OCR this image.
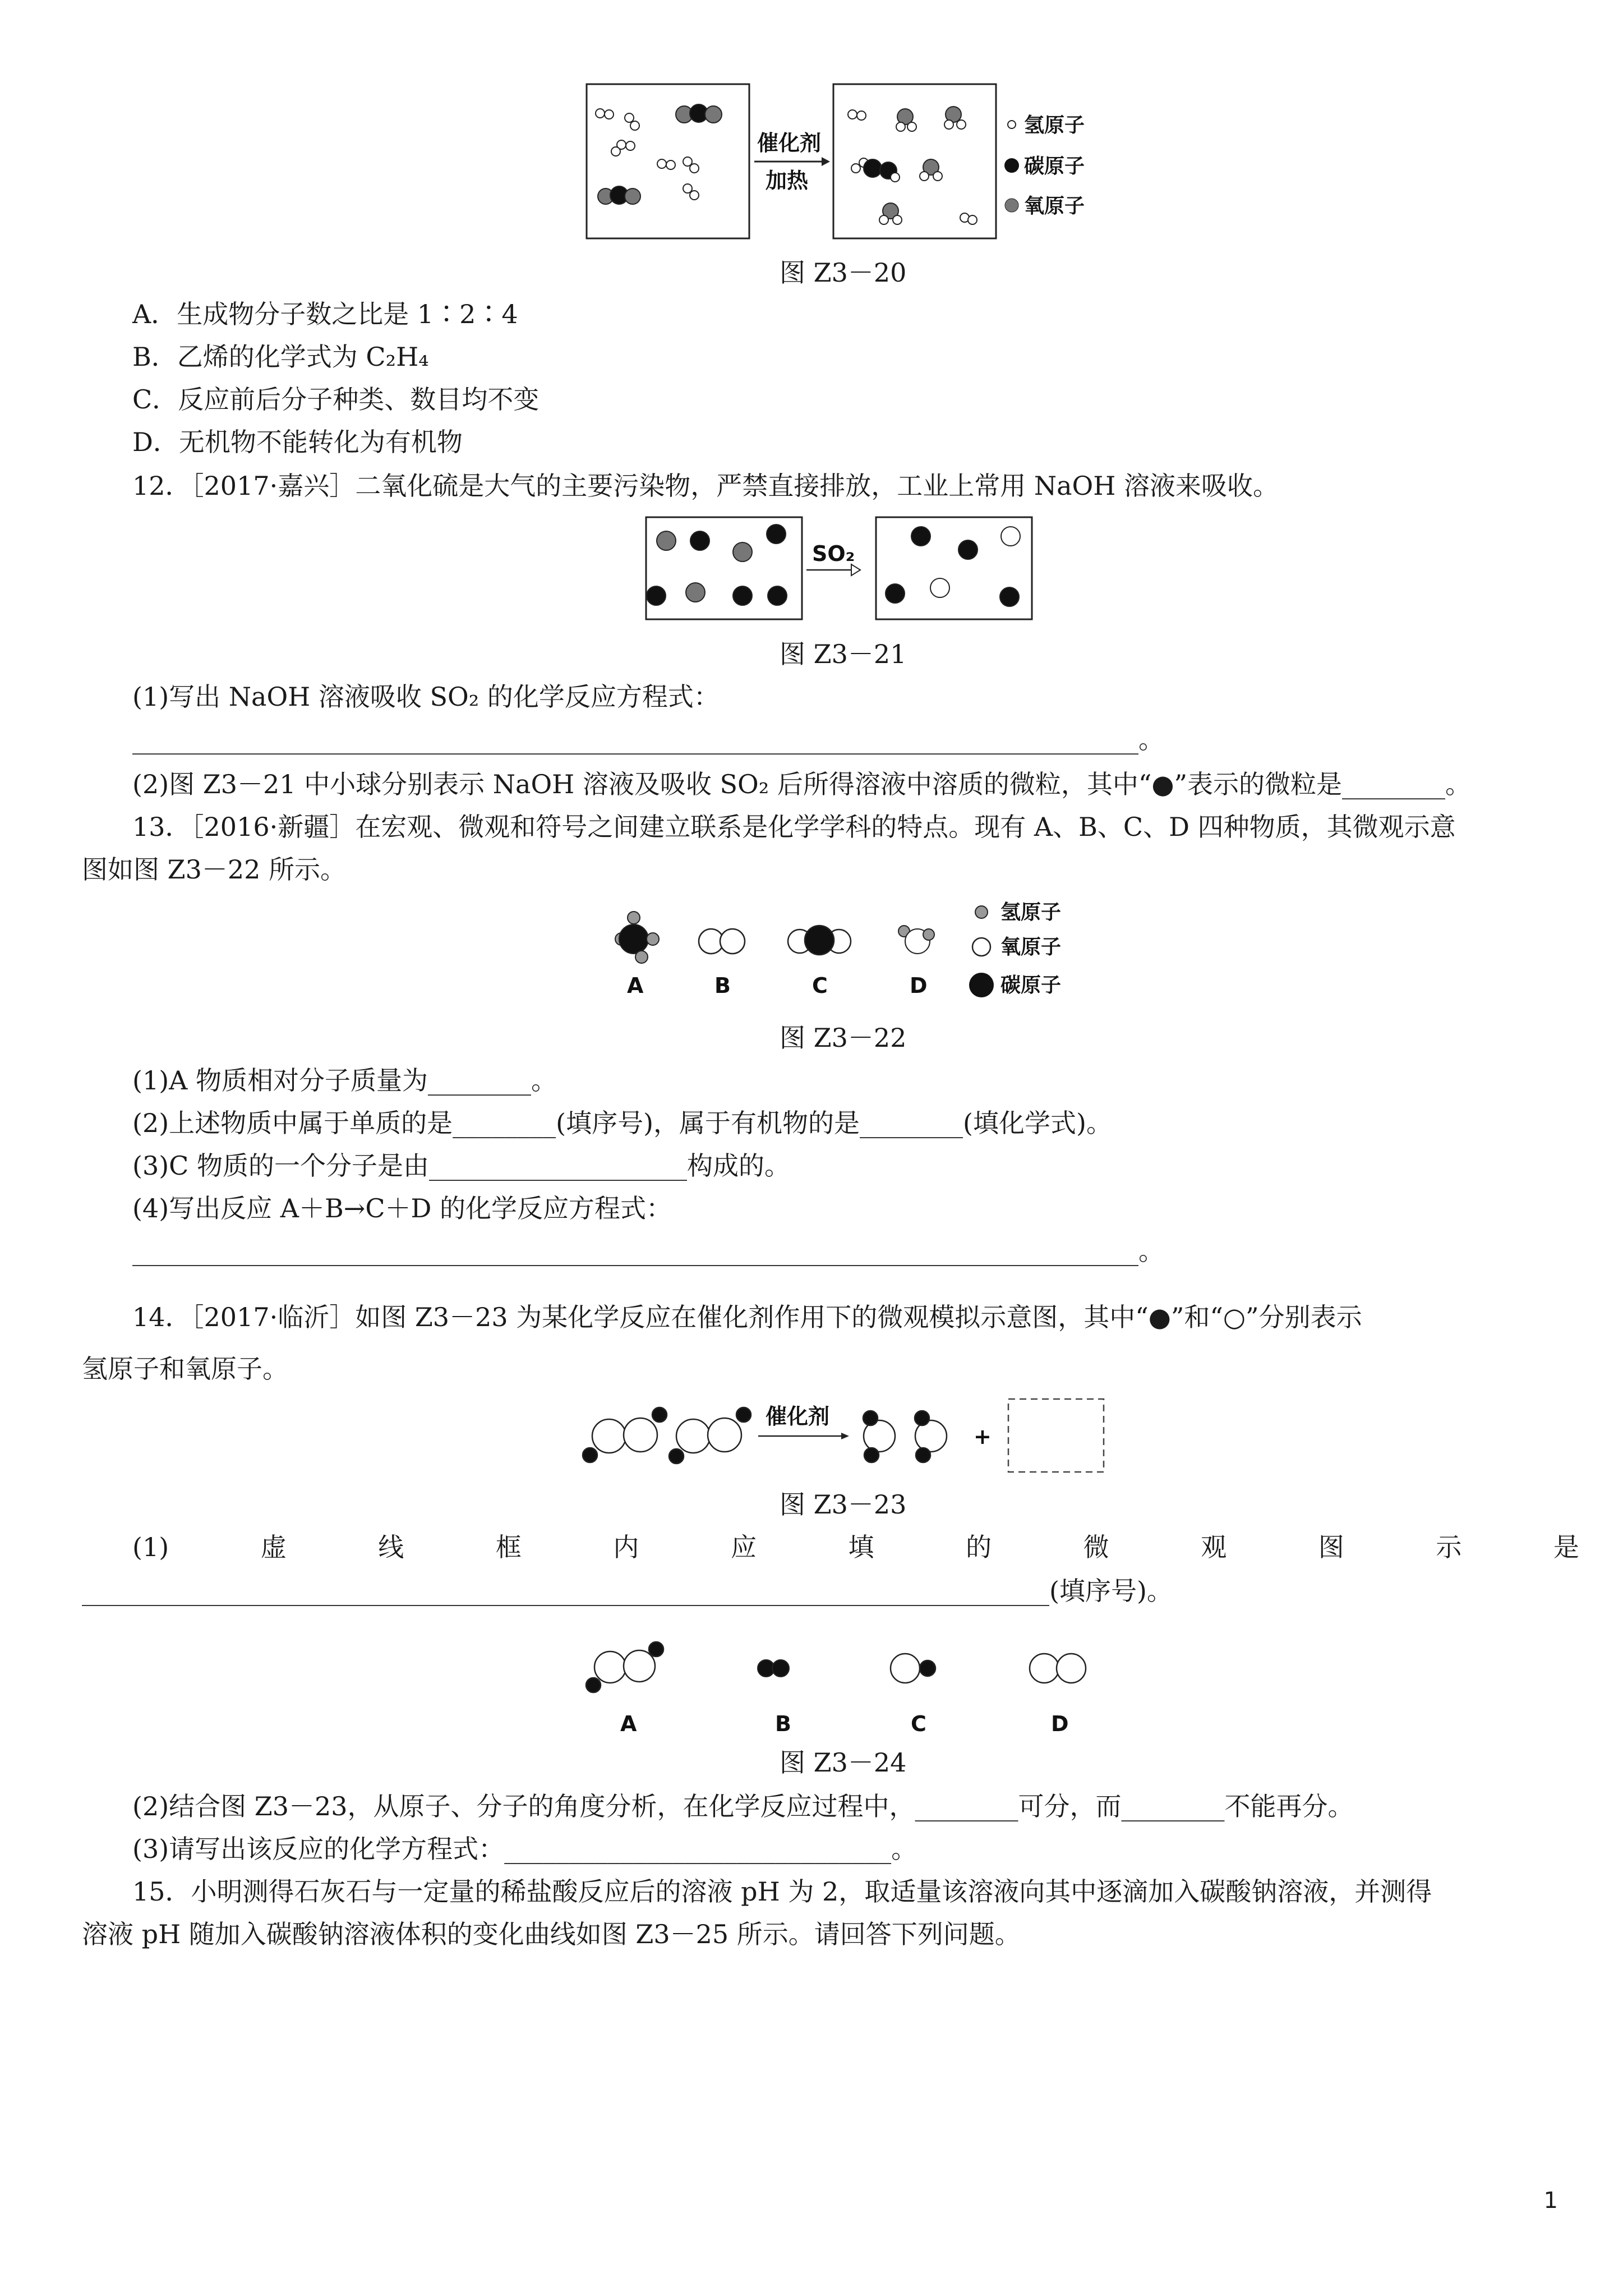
催化剂
加热
氢原子
碳原子
氧原子
图 Z3－20
A．生成物分子数之比是 1∶2∶4
B．乙烯的化学式为 C₂H₄
C．反应前后分子种类、数目均不变
D．无机物不能转化为有机物
12．［2017·嘉兴］二氧化硫是大气的主要污染物，严禁直接排放，工业上常用 NaOH 溶液来吸收。
SO₂
图 Z3－21
(1)写出 NaOH 溶液吸收 SO₂ 的化学反应方程式：
______________________________________________________________________________。
(2)图 Z3－21 中小球分别表示 NaOH 溶液及吸收 SO₂ 后所得溶液中溶质的微粒，其中“●”表示的微粒是________。
13．［2016·新疆］在宏观、微观和符号之间建立联系是化学学科的特点。现有 A、B、C、D 四种物质，其微观示意
图如图 Z3－22 所示。
A	B	C	D
氢原子
氧原子
碳原子
图 Z3－22
(1)A 物质相对分子质量为________。
(2)上述物质中属于单质的是________(填序号)，属于有机物的是________(填化学式)。
(3)C 物质的一个分子是由____________________构成的。
(4)写出反应 A＋B→C＋D 的化学反应方程式：
______________________________________________________________________________。
14．［2017·临沂］如图 Z3－23 为某化学反应在催化剂作用下的微观模拟示意图，其中“●”和“○”分别表示
氢原子和氧原子。
催化剂
+
图 Z3－23
(1)	虚	线	框	内	应	填	的	微	观	图	示	是
___________________________________________________________________________(填序号)。
A	B	C	D
图 Z3－24
(2)结合图 Z3－23，从原子、分子的角度分析，在化学反应过程中，________可分，而________不能再分。
(3)请写出该反应的化学方程式：______________________________。
15．小明测得石灰石与一定量的稀盐酸反应后的溶液 pH 为 2，取适量该溶液向其中逐滴加入碳酸钠溶液，并测得
溶液 pH 随加入碳酸钠溶液体积的变化曲线如图 Z3－25 所示。请回答下列问题。
1
